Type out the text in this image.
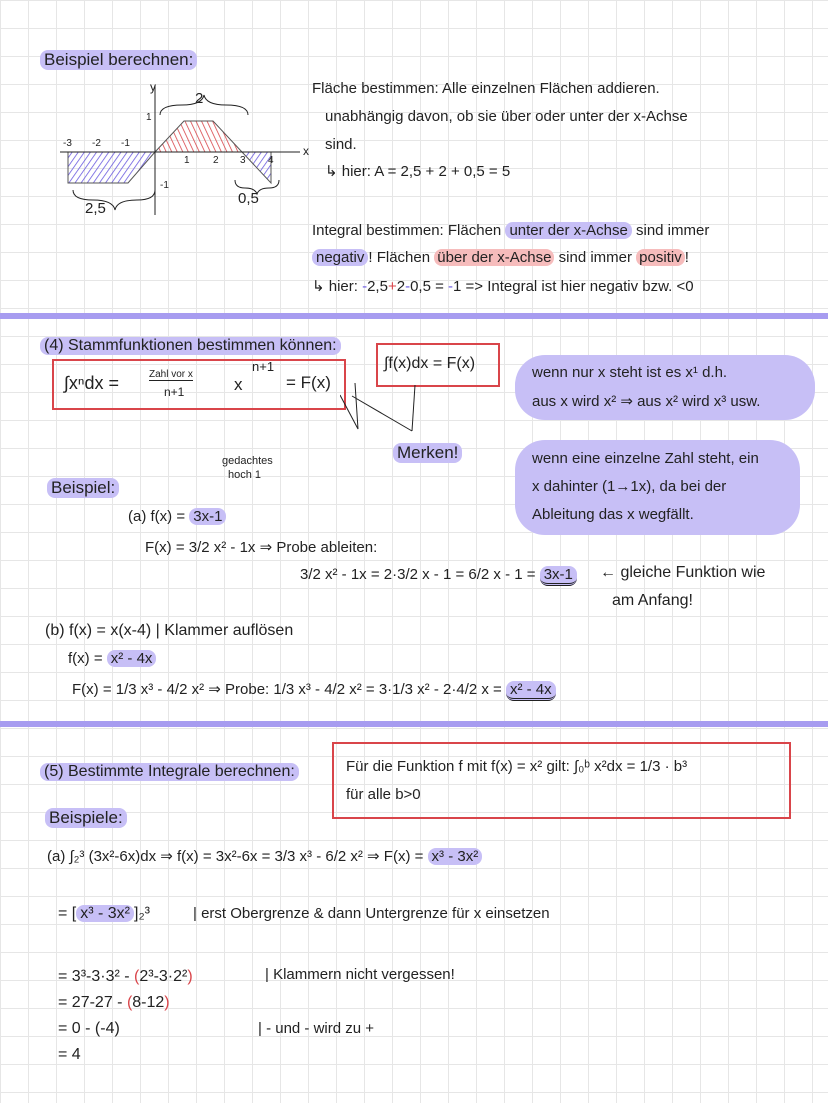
Beispiel berechnen:
y
x
2
2,5
0,5
1
-1
-3 -2 -1
1 2 3 4
Fläche bestimmen: Alle einzelnen Flächen addieren.
unabhängig davon, ob sie über oder unter der x-Achse
sind.
↳ hier: A = 2,5 + 2 + 0,5 = 5
Integral bestimmen: Flächen unter der x-Achse sind immer
negativ ! Flächen über der x-Achse sind immer positiv !
↳ hier: -2,5+2-0,5 = -1 => Integral ist hier negativ bzw. <0
(4) Stammfunktionen bestimmen können:
∫xⁿdx =	Zahl vor x
n+1	x
n+1
= F(x)
∫f(x)dx = F(x)
Merken!
wenn nur x steht ist es x¹ d.h.
aus x wird x² ⇒ aus x² wird x³ usw.
wenn eine einzelne Zahl steht, ein
x dahinter (1→1x), da bei der
Ableitung das x wegfällt.
Beispiel:
gedachtes
hoch 1
(a) f(x) = 3x-1
F(x) = 3/2 x² - 1x ⇒ Probe ableiten:
3/2 x² - 1x = 2·3/2 x - 1 = 6/2 x - 1 = 3x-1 ← gleiche Funktion wie
am Anfang!
(b) f(x) = x(x-4) | Klammer auflösen
f(x) = x² - 4x
F(x) = 1/3 x³ - 4/2 x² ⇒ Probe: 1/3 x³ - 4/2 x² = 3·1/3 x² - 2·4/2 x = x² - 4x
(5) Bestimmte Integrale berechnen:	Für die Funktion f mit f(x) = x² gilt: ∫₀ᵇ x²dx = 1/3 · b³
für alle b>0
Beispiele:
(a) ∫₂³ (3x²-6x)dx ⇒ f(x) = 3x²-6x = 3/3 x³ - 6/2 x² ⇒ F(x) = x³ - 3x²
= [ x³ - 3x² ]₂³	| erst Obergrenze & dann Untergrenze für x einsetzen
= 3³-3·3² - (2³-3·2²)	| Klammern nicht vergessen!
= 27-27 - (8-12)
= 0 - (-4)	| - und - wird zu +
= 4
